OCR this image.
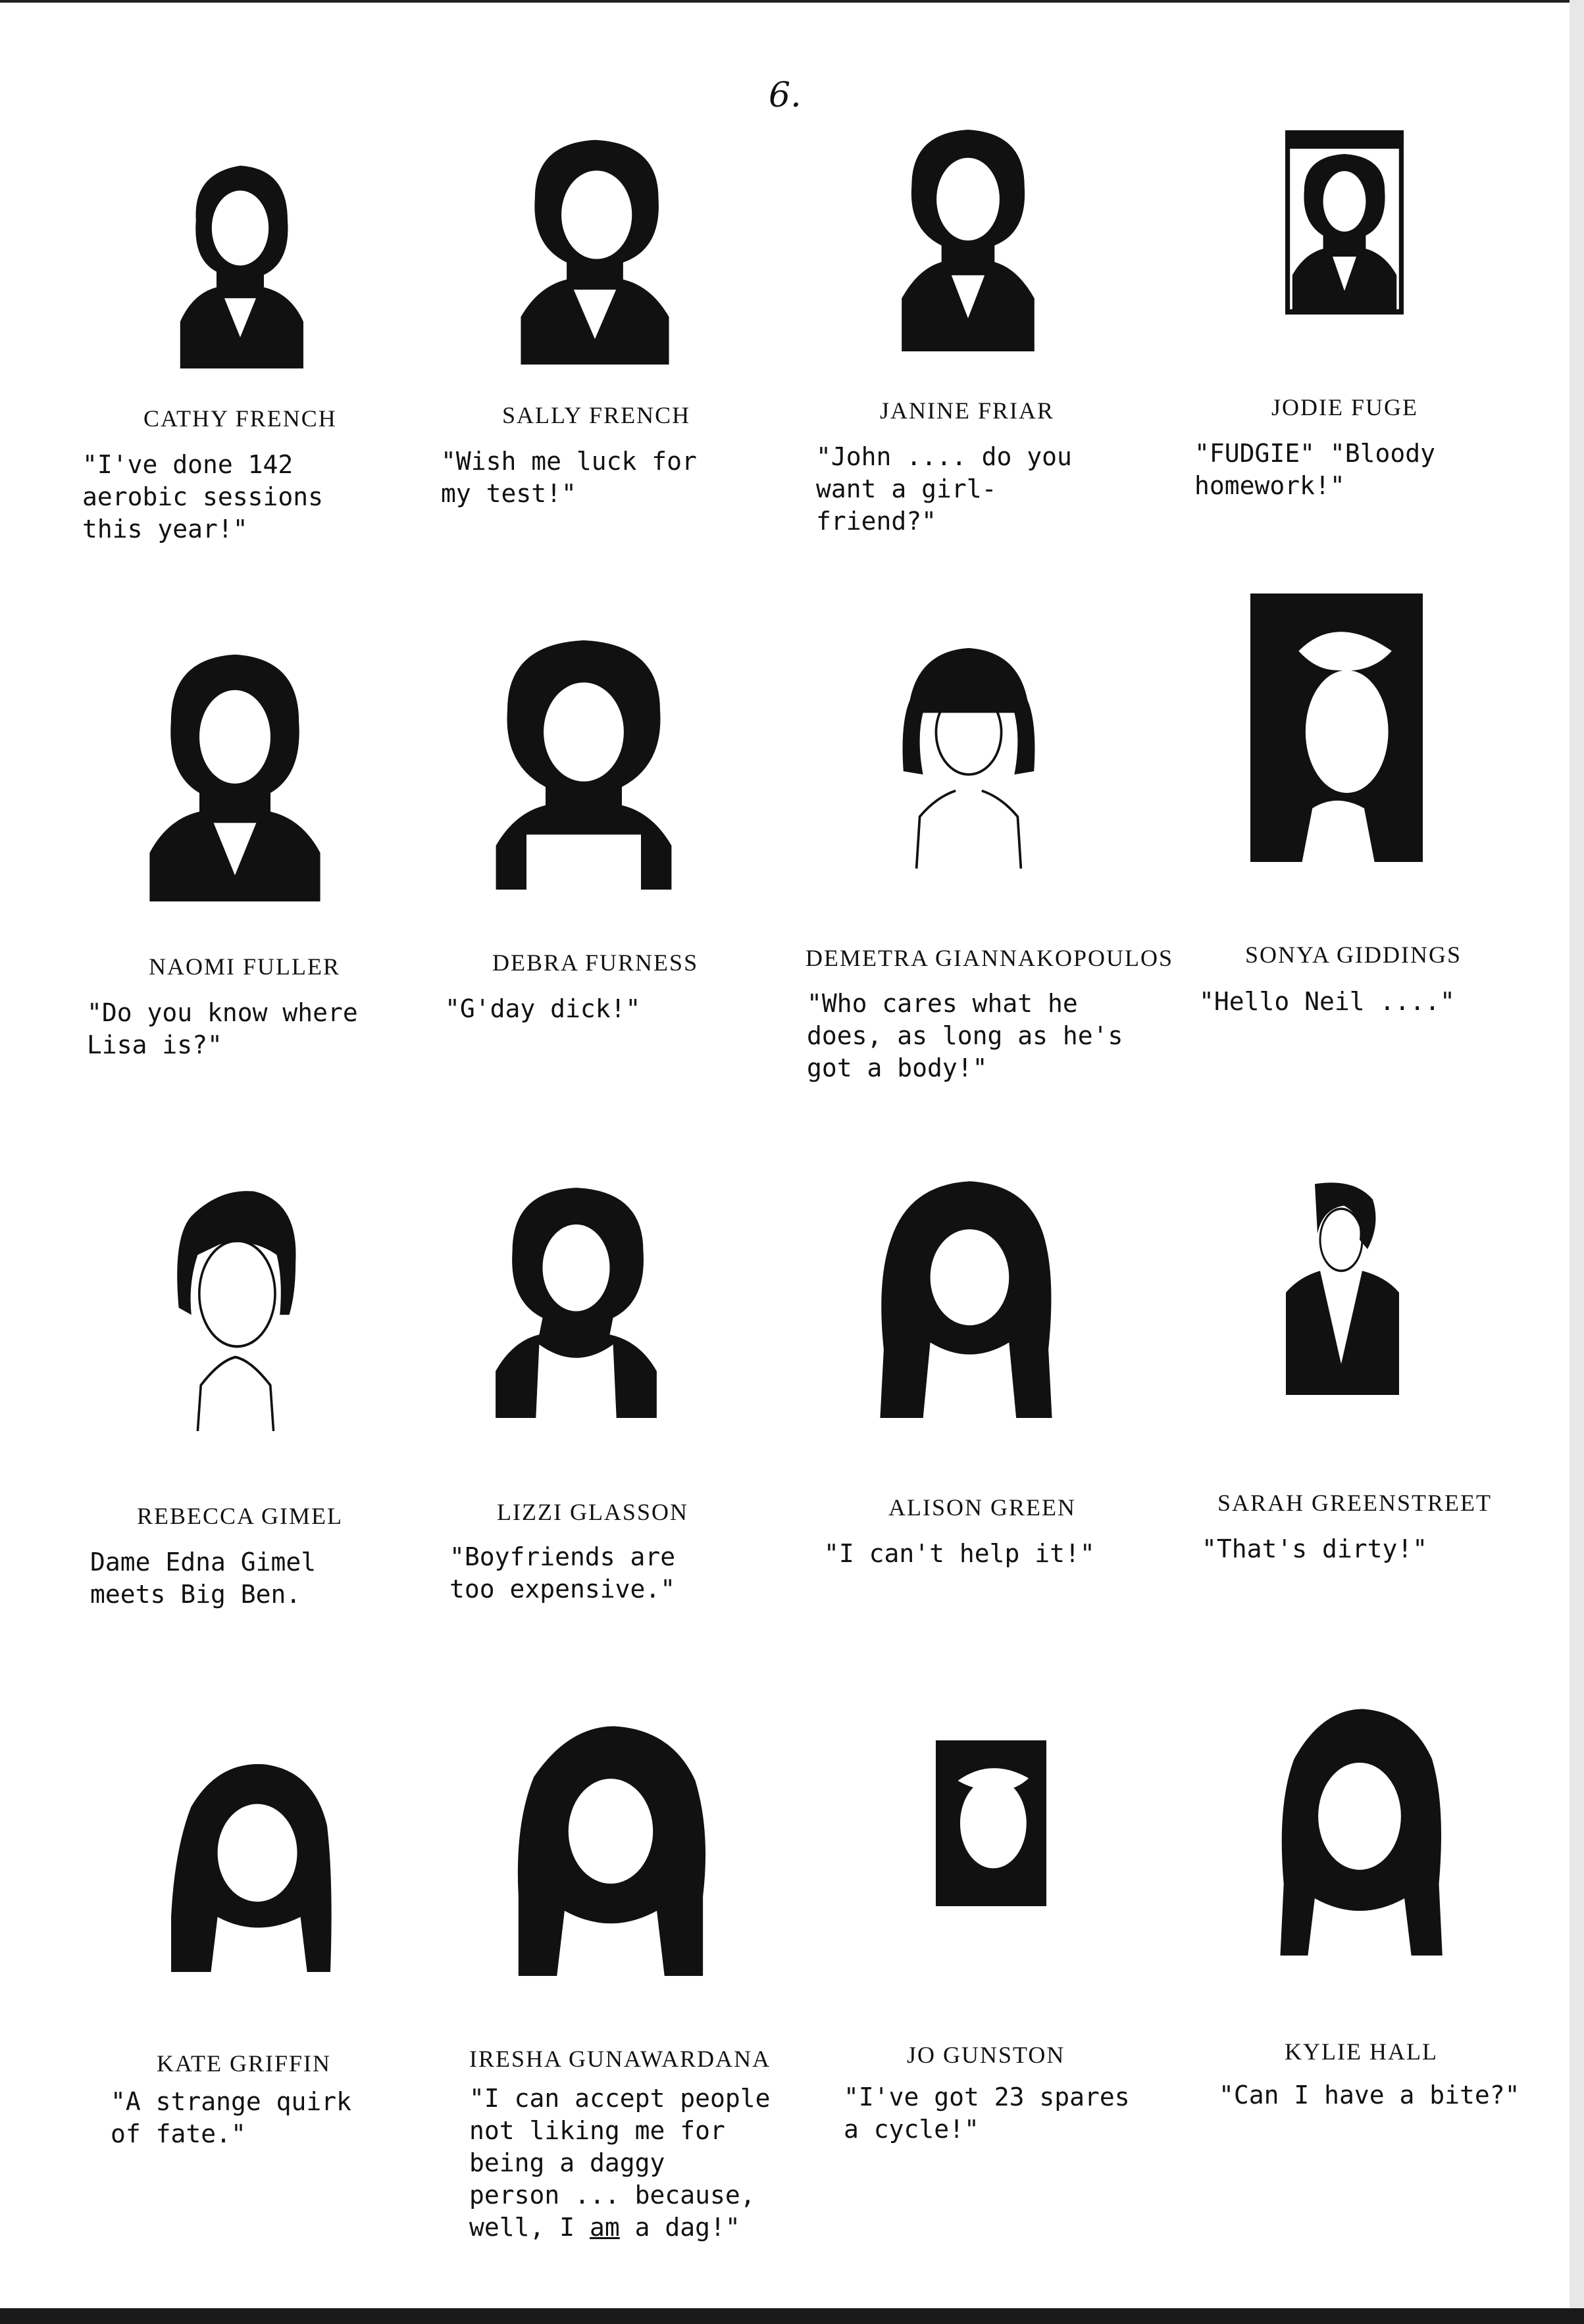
6.
CATHY FRENCH
"I've done 142
aerobic sessions
this year!"
SALLY FRENCH
"Wish me luck for
my test!"
JANINE FRIAR
"John .... do you
want a girl-
friend?"
JODIE FUGE
"FUDGIE" "Bloody
homework!"
NAOMI FULLER
"Do you know where
Lisa is?"
DEBRA FURNESS
"G'day dick!"
DEMETRA GIANNAKOPOULOS
"Who cares what he
does, as long as he's
got a body!"
SONYA GIDDINGS
"Hello Neil ...."
REBECCA GIMEL
Dame Edna Gimel
meets Big Ben.
LIZZI GLASSON
"Boyfriends are
too expensive."
ALISON GREEN
"I can't help it!"
SARAH GREENSTREET
"That's dirty!"
KATE GRIFFIN
"A strange quirk
of fate."
IRESHA GUNAWARDANA
"I can accept people
not liking me for
being a daggy
person ... because,
well, I am a dag!"
JO GUNSTON
"I've got 23 spares
a cycle!"
KYLIE HALL
"Can I have a bite?"
